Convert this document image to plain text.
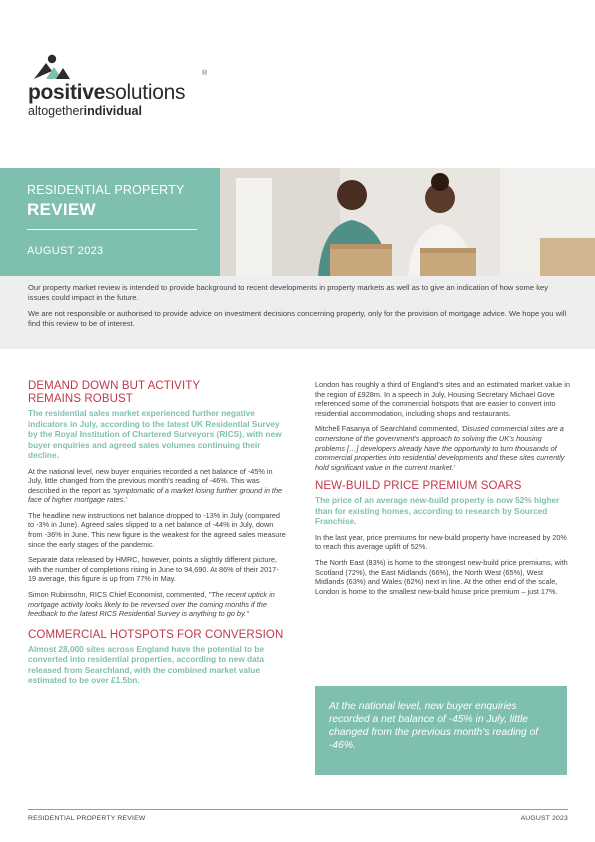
positivesolutions
®
altogetherindividual
RESIDENTIAL PROPERTY
REVIEW
AUGUST 2023

Our property market review is intended to provide background to recent developments in property markets as well as to give an indication of how some key issues could impact in the future.

We are not responsible or authorised to provide advice on investment decisions concerning property, only for the provision of mortgage advice. We hope you will find this review to be of interest.

DEMAND DOWN BUT ACTIVITY
REMAINS ROBUST
The residential sales market experienced further negative indicators in July, according to the latest UK Residential Survey by the Royal Institution of Chartered Surveyors (RICS), with new buyer enquiries and agreed sales volumes continuing their decline.

At the national level, new buyer enquiries recorded a net balance of -45% in July, little changed from the previous month's reading of -46%. This was described in the report as 'symptomatic of a market losing further ground in the face of higher mortgage rates.'

The headline new instructions net balance dropped to -13% in July (compared to -3% in June). Agreed sales slipped to a net balance of -44% in July, down from -36% in June. This new figure is the weakest for the agreed sales measure since the early stages of the pandemic.

Separate data released by HMRC, however, points a slightly different picture, with the number of completions rising in June to 94,690. At 86% of their 2017-19 average, this figure is up from 77% in May.

Simon Rubinsohn, RICS Chief Economist, commented, "The recent uptick in mortgage activity looks likely to be reversed over the coming months if the feedback to the latest RICS Residential Survey is anything to go by."

COMMERCIAL HOTSPOTS FOR CONVERSION
Almost 28,000 sites across England have the potential to be converted into residential properties, according to new data released from Searchland, with the combined market value estimated to be over £1.5bn.

London has roughly a third of England's sites and an estimated market value in the region of £928m. In a speech in July, Housing Secretary Michael Gove referenced some of the commercial hotspots that are easier to convert into residential accommodation, including shops and restaurants.

Mitchell Fasanya of Searchland commented, 'Disused commercial sites are a cornerstone of the government's approach to solving the UK's housing problems […] developers already have the opportunity to turn thousands of commercial properties into residential developments and these sites currently hold significant value in the current market.'

NEW-BUILD PRICE PREMIUM SOARS
The price of an average new-build property is now 52% higher than for existing homes, according to research by Sourced Franchise.

In the last year, price premiums for new-build property have increased by 20% to reach this average uplift of 52%.

The North East (83%) is home to the strongest new-build price premiums, with Scotland (72%), the East Midlands (66%), the North West (65%), West Midlands (63%) and Wales (62%) next in line. At the other end of the scale, London is home to the smallest new-build house price premium – just 17%.

At the national level, new buyer enquiries recorded a net balance of -45% in July, little changed from the previous month's reading of -46%.

RESIDENTIAL PROPERTY REVIEW	AUGUST 2023
